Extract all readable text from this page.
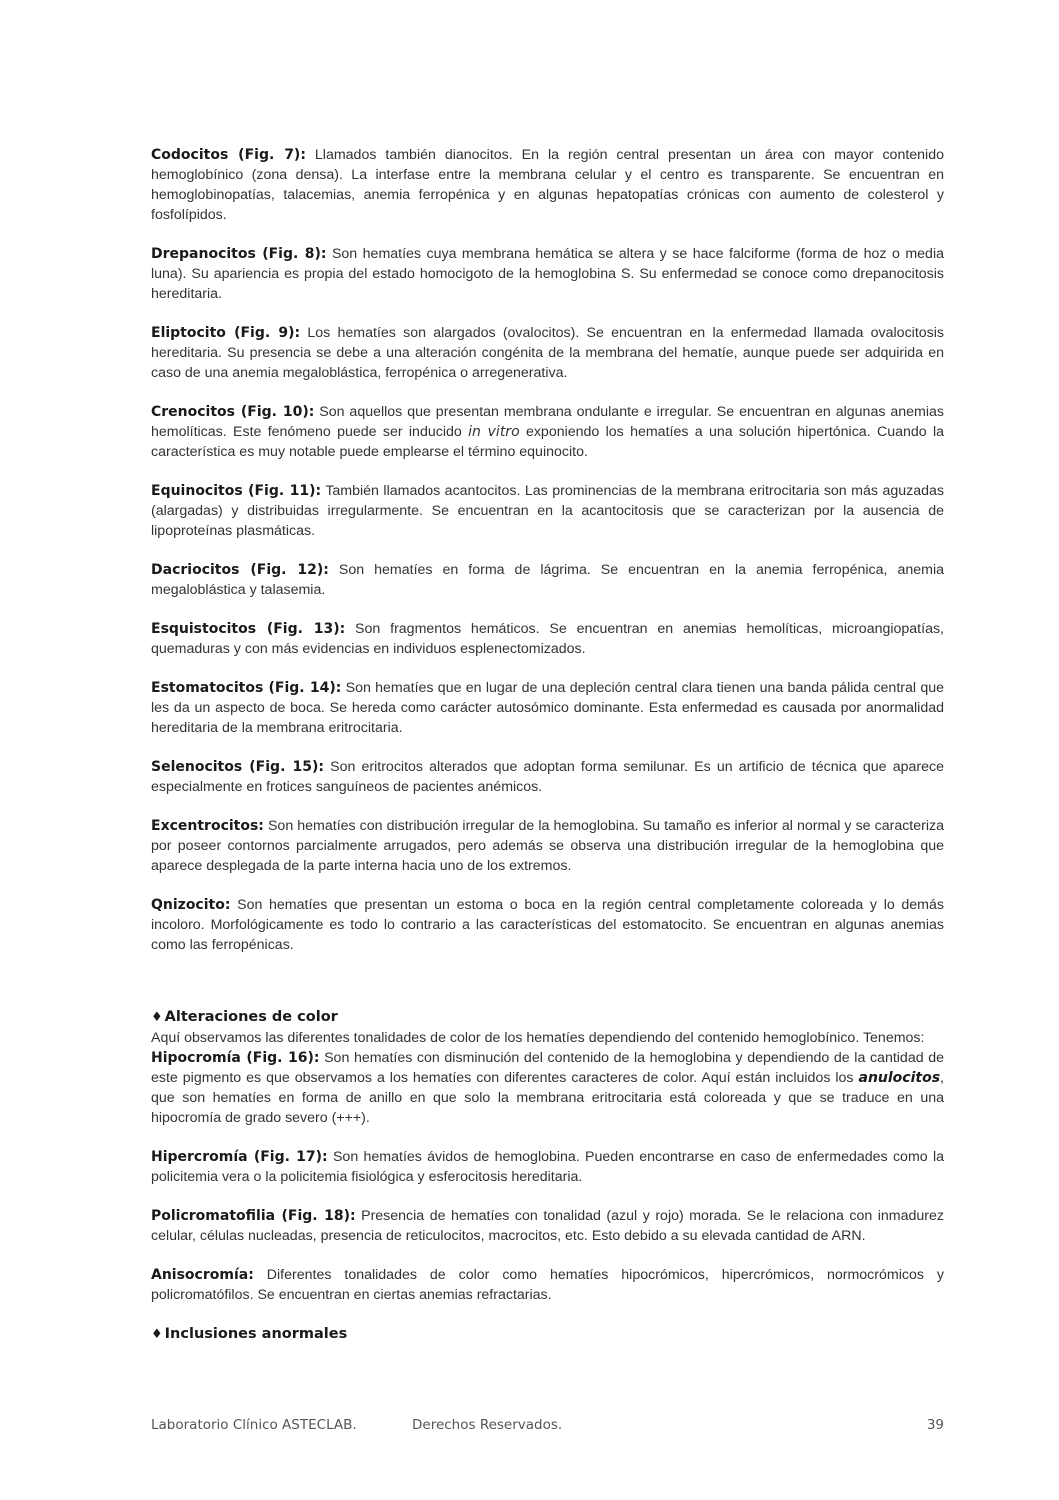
Codocitos (Fig. 7): Llamados también dianocitos. En la región central presentan un área con mayor contenido hemoglobínico (zona densa). La interfase entre la membrana celular y el centro es transparente. Se encuentran en hemoglobinopatías, talacemias, anemia ferropénica y en algunas hepatopatías crónicas con aumento de colesterol y fosfolípidos.

Drepanocitos (Fig. 8): Son hematíes cuya membrana hemática se altera y se hace falciforme (forma de hoz o media luna). Su apariencia es propia del estado homocigoto de la hemoglobina S. Su enfermedad se conoce como drepanocitosis hereditaria.

Eliptocito (Fig. 9): Los hematíes son alargados (ovalocitos). Se encuentran en la enfermedad llamada ovalocitosis hereditaria. Su presencia se debe a una alteración congénita de la membrana del hematíe, aunque puede ser adquirida en caso de una anemia megaloblástica, ferropénica o arregenerativa.

Crenocitos (Fig. 10): Son aquellos que presentan membrana ondulante e irregular. Se encuentran en algunas anemias hemolíticas. Este fenómeno puede ser inducido in vitro exponiendo los hematíes a una solución hipertónica. Cuando la característica es muy notable puede emplearse el término equinocito.

Equinocitos (Fig. 11): También llamados acantocitos. Las prominencias de la membrana eritrocitaria son más aguzadas (alargadas) y distribuidas irregularmente. Se encuentran en la acantocitosis que se caracterizan por la ausencia de lipoproteínas plasmáticas.

Dacriocitos (Fig. 12): Son hematíes en forma de lágrima. Se encuentran en la anemia ferropénica, anemia megaloblástica y talasemia.

Esquistocitos (Fig. 13): Son fragmentos hemáticos. Se encuentran en anemias hemolíticas, microangiopatías, quemaduras y con más evidencias en individuos esplenectomizados.

Estomatocitos (Fig. 14): Son hematíes que en lugar de una depleción central clara tienen una banda pálida central que les da un aspecto de boca. Se hereda como carácter autosómico dominante. Esta enfermedad es causada por anormalidad hereditaria de la membrana eritrocitaria.

Selenocitos (Fig. 15): Son eritrocitos alterados que adoptan forma semilunar. Es un artificio de técnica que aparece especialmente en frotices sanguíneos de pacientes anémicos.

Excentrocitos: Son hematíes con distribución irregular de la hemoglobina. Su tamaño es inferior al normal y se caracteriza por poseer contornos parcialmente arrugados, pero además se observa una distribución irregular de la hemoglobina que aparece desplegada de la parte interna hacia uno de los extremos.

Qnizocito: Son hematíes que presentan un estoma o boca en la región central completamente coloreada y lo demás incoloro. Morfológicamente es todo lo contrario a las características del estomatocito. Se encuentran en algunas anemias como las ferropénicas.

♦ Alteraciones de color

Aquí observamos las diferentes tonalidades de color de los hematíes dependiendo del contenido hemoglobínico. Tenemos:

Hipocromía (Fig. 16): Son hematíes con disminución del contenido de la hemoglobina y dependiendo de la cantidad de este pigmento es que observamos a los hematíes con diferentes caracteres de color. Aquí están incluidos los anulocitos, que son hematíes en forma de anillo en que solo la membrana eritrocitaria está coloreada y que se traduce en una hipocromía de grado severo (+++).

Hipercromía (Fig. 17): Son hematíes ávidos de hemoglobina. Pueden encontrarse en caso de enfermedades como la policitemia vera o la policitemia fisiológica y esferocitosis hereditaria.

Policromatofilia (Fig. 18): Presencia de hematíes con tonalidad (azul y rojo) morada. Se le relaciona con inmadurez celular, células nucleadas, presencia de reticulocitos, macrocitos, etc. Esto debido a su elevada cantidad de ARN.

Anisocromía: Diferentes tonalidades de color como hematíes hipocrómicos, hipercrómicos, normocrómicos y policromatófilos. Se encuentran en ciertas anemias refractarias.

♦ Inclusiones anormales

Laboratorio Clínico ASTECLAB.	Derechos Reservados.	39
